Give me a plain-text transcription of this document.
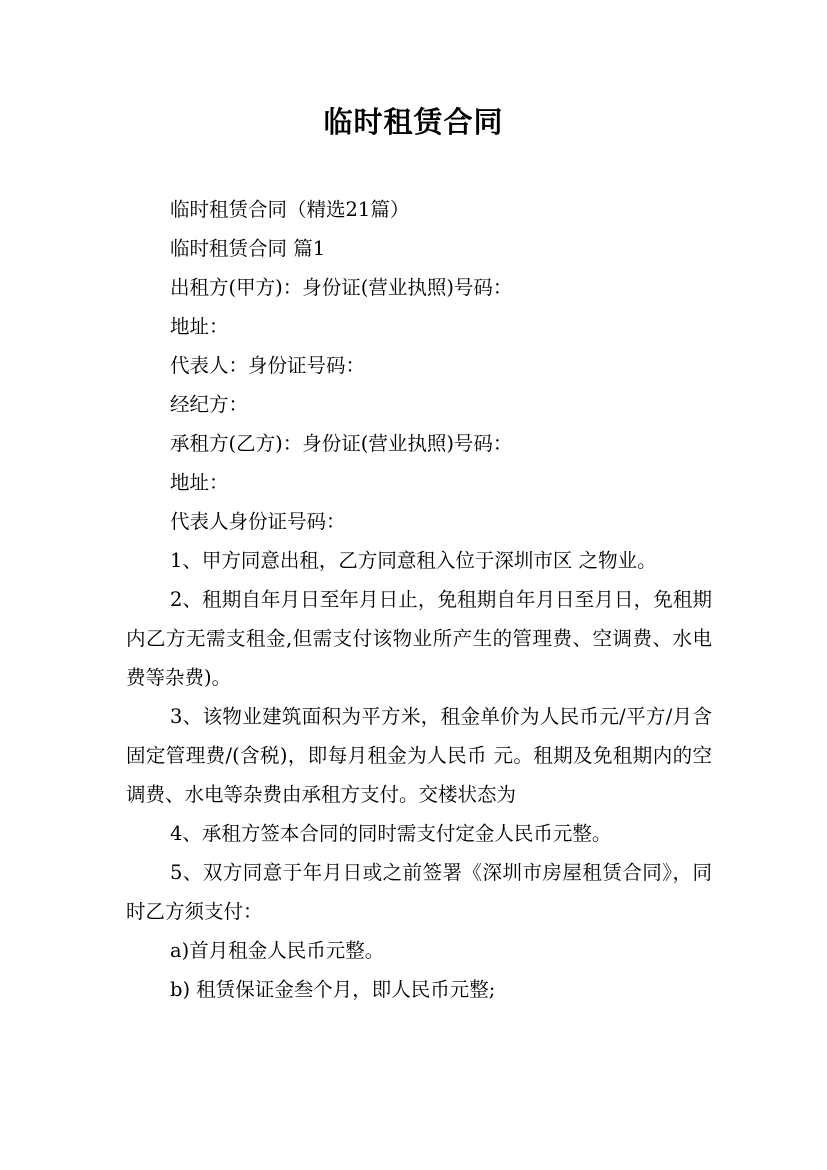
临时租赁合同

临时租赁合同（精选21篇）

临时租赁合同 篇1

出租方(甲方)：身份证(营业执照)号码：

地址：

代表人：身份证号码：

经纪方：

承租方(乙方)：身份证(营业执照)号码：

地址：

代表人身份证号码：

1、甲方同意出租，乙方同意租入位于深圳市区 之物业。

2、租期自年月日至年月日止，免租期自年月日至月日，免租期内乙方无需支租金,但需支付该物业所产生的管理费、空调费、水电费等杂费)。

3、该物业建筑面积为平方米，租金单价为人民币元/平方/月含固定管理费/(含税)，即每月租金为人民币 元。租期及免租期内的空调费、水电等杂费由承租方支付。交楼状态为

4、承租方签本合同的同时需支付定金人民币元整。

5、双方同意于年月日或之前签署《深圳市房屋租赁合同》，同时乙方须支付：

a)首月租金人民币元整。

b) 租赁保证金叁个月，即人民币元整;
